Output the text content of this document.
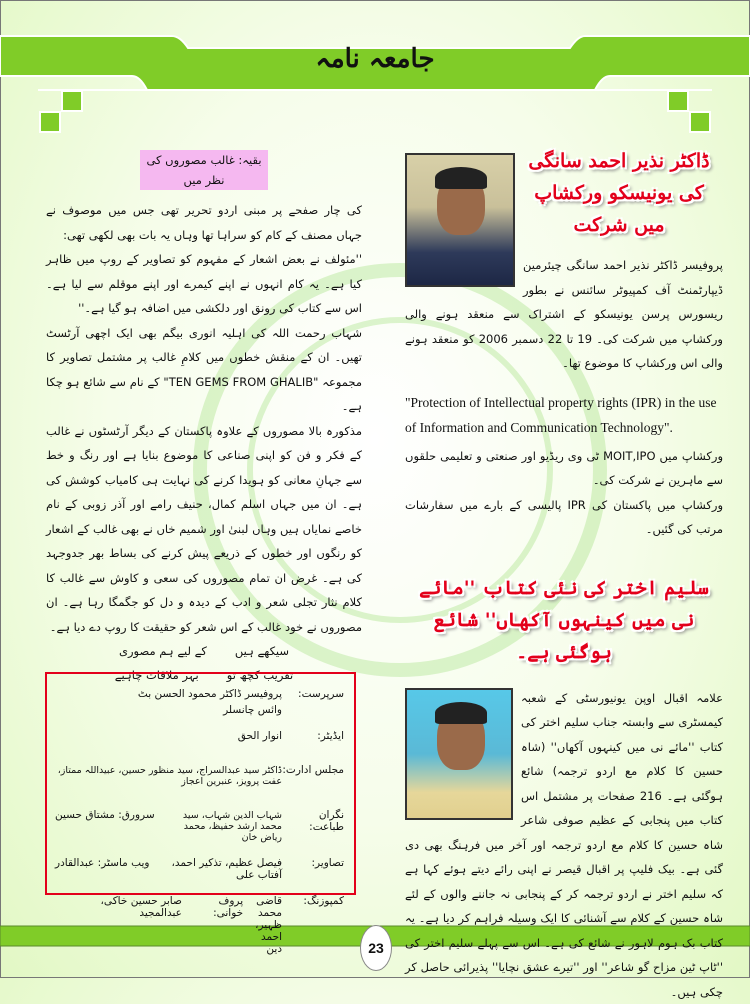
جامعہ نامہ
ڈاکٹر نذیر احمد سانگی کی یونیسکو ورکشاپ میں شرکت

پروفیسر ڈاکٹر نذیر احمد سانگی چیئرمین ڈیپارٹمنٹ آف کمپیوٹر سائنس نے بطور ریسورس پرسن یونیسکو کے اشتراک سے منعقد ہونے والی ورکشاپ میں شرکت کی۔ 19 تا 22 دسمبر 2006 کو منعقد ہونے والی اس ورکشاپ کا موضوع تھا۔

"Protection of Intellectual property rights (IPR) in the use of Information and Communication Technology".

ورکشاپ میں MOIT,IPO ٹی وی ریڈیو اور صنعتی و تعلیمی حلقوں سے ماہرین نے شرکت کی۔

ورکشاپ میں پاکستان کی IPR پالیسی کے بارے میں سفارشات مرتب کی گئیں۔

سلیم اختر کی نئی کتاب ''مائے نی میں کینہوں آکھاں'' شائع ہوگئی ہے۔

علامہ اقبال اوپن یونیورسٹی کے شعبہ کیمسٹری سے وابستہ جناب سلیم اختر کی کتاب ''مائے نی میں کینہوں آکھاں'' (شاہ حسین کا کلام مع اردو ترجمہ) شائع ہوگئی ہے۔ 216 صفحات پر مشتمل اس کتاب میں پنجابی کے عظیم صوفی شاعر شاہ حسین کا کلام مع اردو ترجمہ اور آخر میں فرہنگ بھی دی گئی ہے۔ بیک فلیپ پر اقبال قیصر نے اپنی رائے دیتے ہوئے کہا ہے کہ سلیم اختر نے اردو ترجمہ کر کے پنجابی نہ جاننے والوں کے لئے شاہ حسین کے کلام سے آشنائی کا ایک وسیلہ فراہم کر دیا ہے۔ یہ کتاب بک ہوم لاہور نے شائع کی ہے۔ اس سے پہلے سلیم اختر کی ''ٹاپ ٹین مزاح گو شاعر'' اور ''تیرے عشق نچایا'' پذیرائی حاصل کر چکی ہیں۔

بقیہ: غالب مصوروں کی نظر میں

کی چار صفحے پر مبنی اردو تحریر تھی جس میں موصوف نے جہاں مصنف کے کام کو سراہا تھا وہاں یہ بات بھی لکھی تھی:

''مئولف نے بعض اشعار کے مفہوم کو تصاویر کے روپ میں ظاہر کیا ہے۔ یہ کام انہوں نے اپنے کیمرے اور اپنے موقلم سے لیا ہے۔ اس سے کتاب کی رونق اور دلکشی میں اضافہ ہو گیا ہے۔''

شہاب رحمت اللہ کی اہلیہ انوری بیگم بھی ایک اچھی آرٹسٹ تھیں۔ ان کے منقش خطوں میں کلامِ غالب پر مشتمل تصاویر کا مجموعہ "TEN GEMS FROM GHALIB" کے نام سے شائع ہو چکا ہے۔

مذکورہ بالا مصوروں کے علاوہ پاکستان کے دیگر آرٹسٹوں نے غالب کے فکر و فن کو اپنی صناعی کا موضوع بنایا ہے اور رنگ و خط سے جہانِ معانی کو ہویدا کرنے کی نہایت ہی کامیاب کوشش کی ہے۔ ان میں جہاں اسلم کمال، حنیف رامے اور آذر زوبی کے نام خاصے نمایاں ہیں وہاں لبنیٰ اور شمیم خاں نے بھی غالب کے اشعار کو رنگوں اور خطوں کے ذریعے پیش کرنے کی بساط بھر جدوجہد کی ہے۔ غرض ان تمام مصوروں کی سعی و کاوش سے غالب کا کلام نثار تجلی شعر و ادب کے دیدہ و دل کو جگمگا رہا ہے۔ ان مصوروں نے خود غالب کے اس شعر کو حقیقت کا روپ دے دیا ہے۔

سیکھے ہیں
کے لیے ہم مصوری
تقریب کچھ تو
بہر ملاقات چاہیے
سرپرست:
پروفیسر ڈاکٹر محمود الحسن بٹ
وائس چانسلر
ایڈیٹر:
انوار الحق
مجلس ادارت:
ڈاکٹر سید عبدالسراج، سید منظور حسین، عبیداللہ ممتاز، عفت پرویز، عنبرین اعجاز
نگران طباعت:
شہاب الدین شہاب، سید محمد ارشد حفیظ، محمد ریاض خان
سرورق:

مشتاق حسین
تصاویر:
فیصل عظیم، تذکیر احمد، آفتاب علی
ویب ماسٹر:

عبدالقادر
کمپوزنگ:
قاضی محمد ظہیر، احمد دین
پروف خوانی:

صابر حسین خاکی، عبدالمجید
23
